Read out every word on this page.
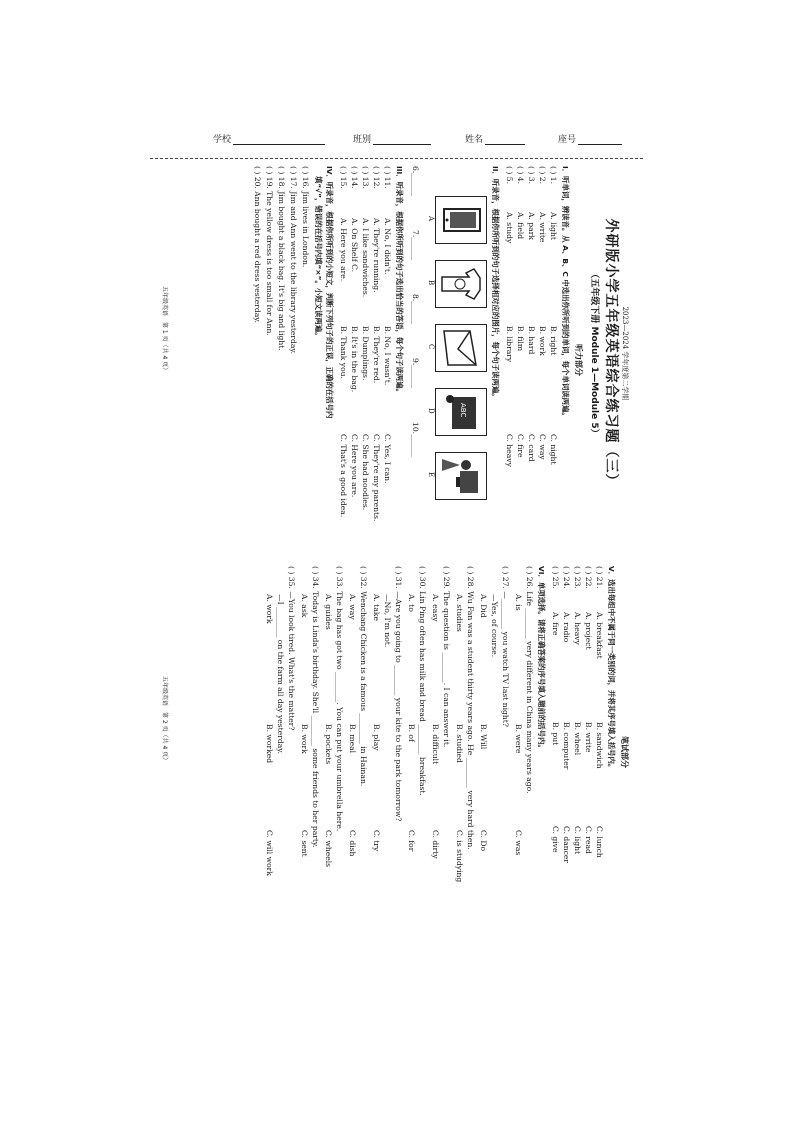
学校	班别	姓名	座号
2023—2024 学年度第二学期
外研版小学五年级英语综合练习题（三）
（五年级下册 Module 1—Module 5）
听力部分
I．听单词，辨读音。从 A、B、C 中选出你所听到的单词，每个单词读两遍。
( ) 1.
A. light
B. right
C. night
( ) 2.
A. write
B. work
C. way
( ) 3.
A. park
B. hard
C. card
( ) 4.
A. field
B. film
C. fire
( ) 5.
A. study
B. library
C. heavy
II．听录音，根据你所听到的句子选择相对应的图片，每个句子读两遍。
ABC
A
B
C
D
E
6.______
7.______
8.______
9.______
10.______
III．听录音，根据你所听到的句子选出恰当的答语，每个句子读两遍。
( ) 11.
A. No, I didn't.
B. No, I wasn't.
C. Yes, I can.
( ) 12.
A. They're running.
B. They're red.
C. They're my parents.
( ) 13.
A. I like sandwiches.
B. Dumplings.
C. She had noodles.
( ) 14.
A. On Shelf C.
B. It's in the bag.
C. Here you are.
( ) 15.
A. Here you are.
B. Thank you.
C. That's a good idea.
IV．听录音，根据你所听到的小短文，判断下列句子的正误，正确的在括号内
填“√”，错误的在括号内填“×”。小短文读两遍。
( ) 16. Jim lives in London.
( ) 17. Jim and Ann went to the library yesterday.
( ) 18. Jim bought a black bag. It's big and light.
( ) 19. The yellow dress is too small for Ann.
( ) 20. Ann bought a red dress yesterday.
五年级英语　第 1 页（共 4 页）
笔试部分
V．选出每组中不属于同一类别的词，并将其序号填入括号内。
( ) 21.
A. breakfast
B. sandwich
C. lunch
( ) 22.
A. project
B. write
C. read
( ) 23.
A. heavy
B. wheel
C. light
( ) 24.
A. radio
B. computer
C. dancer
( ) 25.
A. fire
B. put
C. give
VI．单项选择。请将正确答案的序号填入题前的括号内。
( ) 26. Life ________ very different in China many years ago.
A. is
B. were
C. was
( ) 27. —________ you watch TV last night?
—Yes, of course.
A. Did
B. Will
C. Do
( ) 28. Wu Fan was a student thirty years ago. He ________ very hard then.
A. studies
B. studied
C. is studying
( ) 29. The question is ________. I can answer it.
A. easy
B. difficult
C. dirty
( ) 30. Lin Ping often has milk and bread ________ breakfast.
A. to
B. of
C. for
( ) 31. —Are you going to ________ your kite to the park tomorrow?
—No, I'm not.
A. take
B. play
C. try
( ) 32. Wenchang Chicken is a famous ________ in Hainan.
A. way
B. meal
C. dish
( ) 33. The bag has got two ________. You can put your umbrella here.
A. guides
B. pockets
C. wheels
( ) 34. Today is Linda's birthday. She'll ________ some friends to her party.
A. ask
B. work
C. sent
( ) 35. —You look tired. What's the matter?
—I ________ on the farm all day yesterday.
A. work
B. worked
C. will work
五年级英语　第 2 页（共 4 页）
